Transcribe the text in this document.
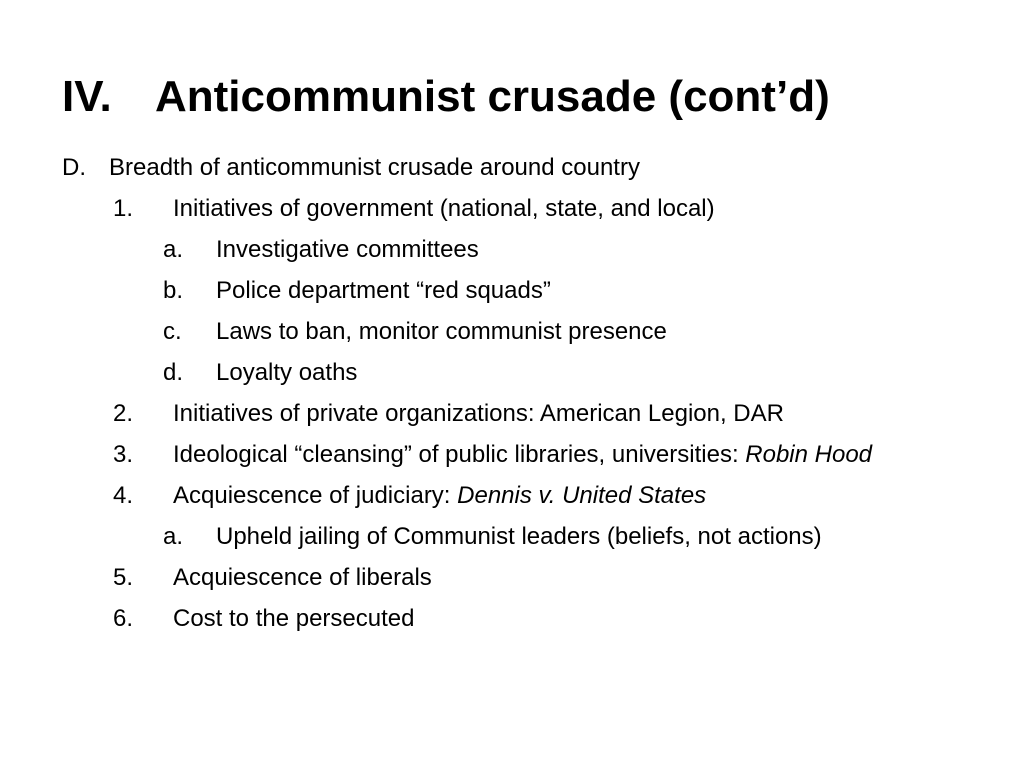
IV. Anticommunist crusade (cont’d)
D. Breadth of anticommunist crusade around country
1. Initiatives of government (national, state, and local)
a. Investigative committees
b. Police department “red squads”
c. Laws to ban, monitor communist presence
d. Loyalty oaths
2. Initiatives of private organizations: American Legion, DAR
3. Ideological “cleansing” of public libraries, universities: Robin Hood
4. Acquiescence of judiciary: Dennis v. United States
a. Upheld jailing of Communist leaders (beliefs, not actions)
5. Acquiescence of liberals
6. Cost to the persecuted
